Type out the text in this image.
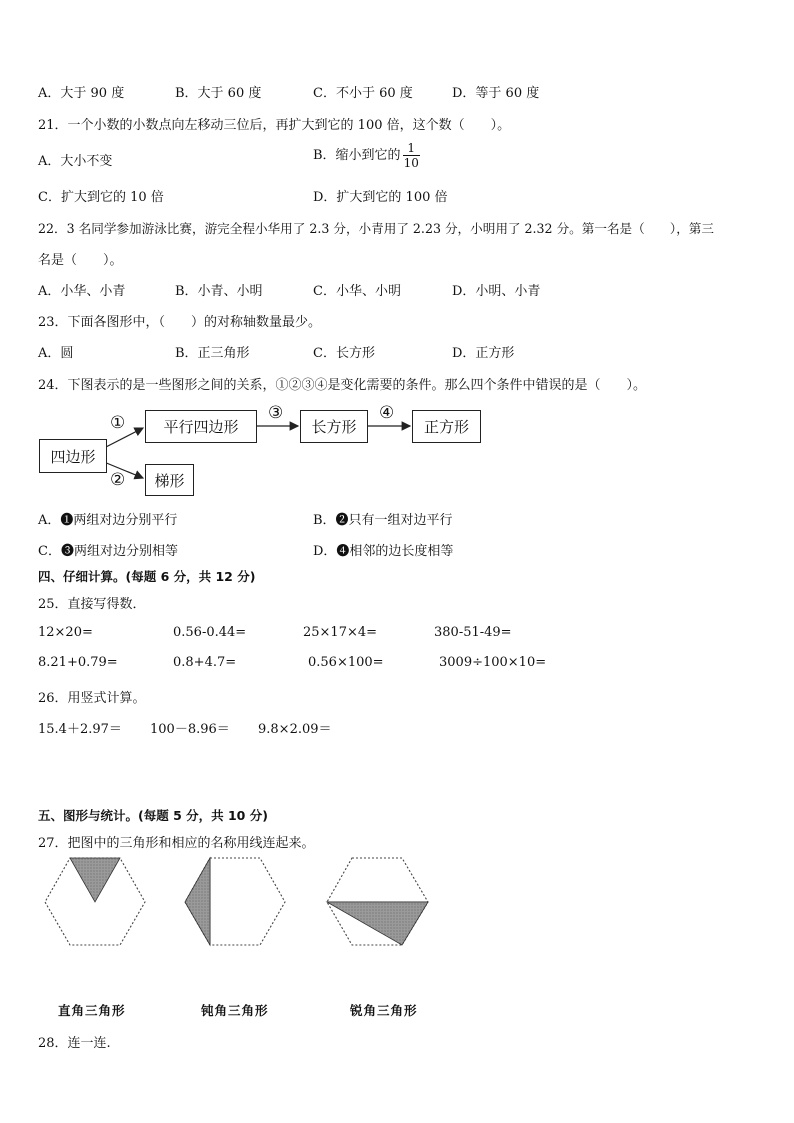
A．大于 90 度	B．大于 60 度	C．不小于 60 度	D．等于 60 度
21．一个小数的小数点向左移动三位后，再扩大到它的 100 倍，这个数（　　）。
A．大小不变	B．缩小到它的 $\frac{1}{10}$
C．扩大到它的 10 倍	D．扩大到它的 100 倍
22．3 名同学参加游泳比赛，游完全程小华用了 2.3 分，小青用了 2.23 分，小明用了 2.32 分。第一名是（　　），第三
名是（　　）。
A．小华、小青	B．小青、小明	C．小华、小明	D．小明、小青
23．下面各图形中，（　　）的对称轴数量最少。
A．圆	B．正三角形	C．长方形	D．正方形
24．下图表示的是一些图形之间的关系，①②③④是变化需要的条件。那么四个条件中错误的是（　　）。
四边形
平行四边形	长方形	正方形
梯形
①
②
③	④
A．❶两组对边分别平行	B．❷只有一组对边平行
C．❸两组对边分别相等	D．❹相邻的边长度相等
四、仔细计算。(每题 6 分，共 12 分)
25．直接写得数．
12×20=	0.56-0.44=	25×17×4=	380-51-49=
8.21+0.79=	0.8+4.7=	0.56×100=	3009÷100×10=
26．用竖式计算。
15.4＋2.97＝ 100－8.96＝ 9.8×2.09＝
五、图形与统计。(每题 5 分，共 10 分)
27．把图中的三角形和相应的名称用线连起来。
直角三角形	钝角三角形	锐角三角形
28．连一连.
